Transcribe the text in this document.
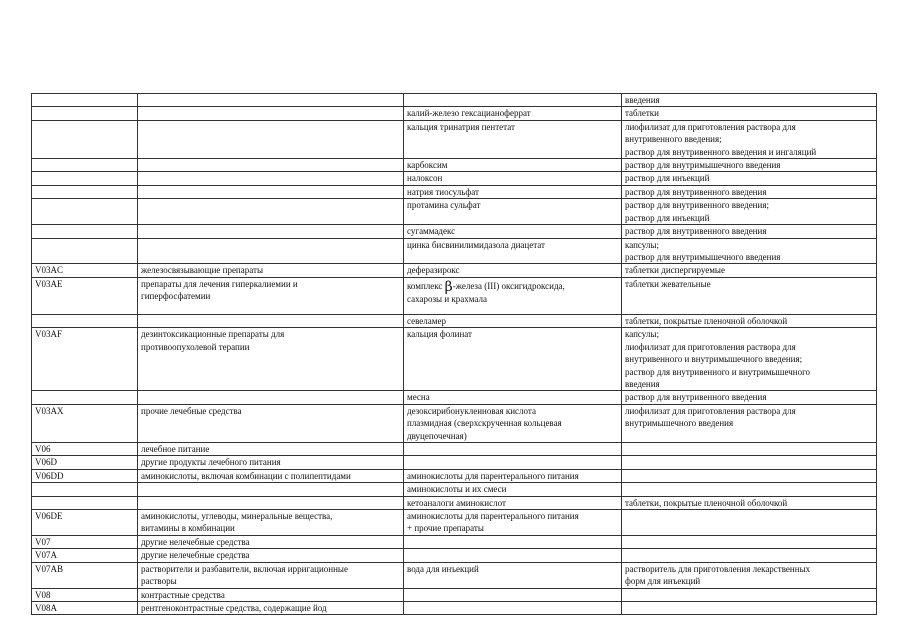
			введения

		калий-железо гексацианоферрат	таблетки

		кальция тринатрия пентетат	лиофилизат для приготовления раствора для
внутривенного введения;
раствор для внутривенного введения и ингаляций

		карбоксим	раствор для внутримышечного введения

		налоксон	раствор для инъекций

		натрия тиосульфат	раствор для внутривенного введения

		протамина сульфат	раствор для внутривенного введения;
раствор для инъекций

		сугаммадекс	раствор для внутривенного введения

		цинка бисвинилимидазола диацетат	капсулы;
раствор для внутримышечного введения

V03AC	железосвязывающие препараты	деферазирокс	таблетки диспергируемые

V03AE	препараты для лечения гиперкалиемии и
гиперфосфатемии	комплекс β-железа (III) оксигидроксида,
сахарозы и крахмала	таблетки жевательные

		севеламер	таблетки, покрытые пленочной оболочкой

V03AF	дезинтоксикационные препараты для
противоопухолевой терапии	кальция фолинат	капсулы;
лиофилизат для приготовления раствора для
внутривенного и внутримышечного введения;
раствор для внутривенного и внутримышечного
введения

		месна	раствор для внутривенного введения

V03AX	прочие лечебные средства	дезоксирибонуклеиновая кислота
плазмидная (сверхскрученная кольцевая
двуцепочечная)	лиофилизат для приготовления раствора для
внутримышечного введения

V06	лечебное питание		

V06D	другие продукты лечебного питания		

V06DD	аминокислоты, включая комбинации с полипептидами	аминокислоты для парентерального питания	

		аминокислоты и их смеси	

		кетоаналоги аминокислот	таблетки, покрытые пленочной оболочкой

V06DE	аминокислоты, углеводы, минеральные вещества,
витамины в комбинации	аминокислоты для парентерального питания
+ прочие препараты	

V07	другие нелечебные средства		

V07A	другие нелечебные средства		

V07AB	растворители и разбавители, включая ирригационные
растворы	вода для инъекций	растворитель для приготовления лекарственных
форм для инъекций

V08	контрастные средства		

V08A	рентгеноконтрастные средства, содержащие йод		
